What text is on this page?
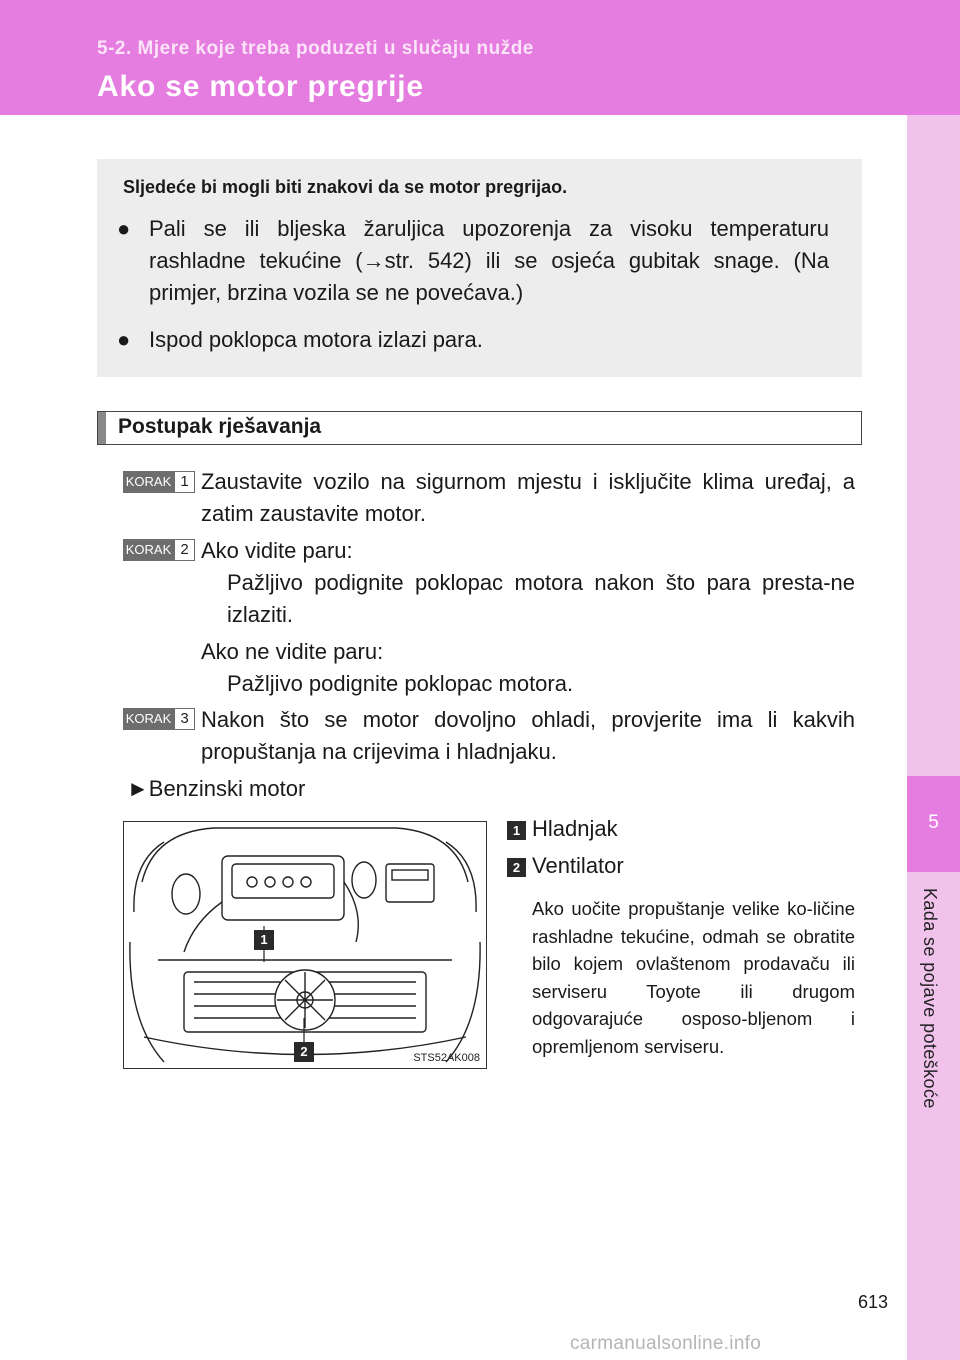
5-2. Mjere koje treba poduzeti u slučaju nužde
Ako se motor pregrije
5
Kada se pojave poteškoće
Sljedeće bi mogli biti znakovi da se motor pregrijao.
● Pali se ili bljeska žaruljica upozorenja za visoku temperaturu rashladne tekućine (→str. 542) ili se osjeća gubitak snage. (Na primjer, brzina vozila se ne povećava.)
● Ispod poklopca motora izlazi para.
Postupak rješavanja
KORAK 1 Zaustavite vozilo na sigurnom mjestu i isključite klima uređaj, a zatim zaustavite motor.
KORAK 2 Ako vidite paru:
Pažljivo podignite poklopac motora nakon što para presta-ne izlaziti.
Ako ne vidite paru:
Pažljivo podignite poklopac motora.
KORAK 3 Nakon što se motor dovoljno ohladi, provjerite ima li kakvih propuštanja na crijevima i hladnjaku.
►Benzinski motor
1
2	STS52AK008
1 Hladnjak
2 Ventilator
Ako uočite propuštanje velike ko-ličine rashladne tekućine, odmah se obratite bilo kojem ovlaštenom prodavaču ili serviseru Toyote ili drugom odgovarajuće osposo-bljenom i opremljenom serviseru.
613
carmanualsonline.info
